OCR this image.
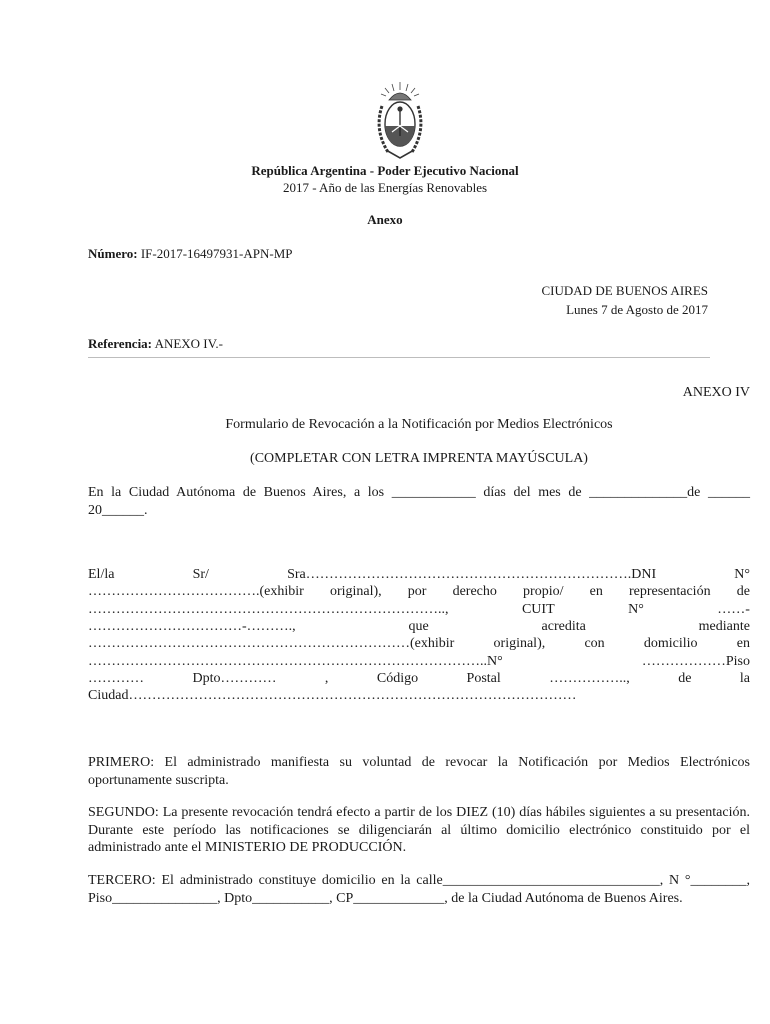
República Argentina - Poder Ejecutivo Nacional
2017 - Año de las Energías Renovables
Anexo
Número: IF-2017-16497931-APN-MP
CIUDAD DE BUENOS AIRES
Lunes 7 de Agosto de 2017
Referencia: ANEXO IV.-
ANEXO IV
Formulario de Revocación a la Notificación por Medios Electrónicos
(COMPLETAR CON LETRA IMPRENTA MAYÚSCULA)

En la Ciudad Autónoma de Buenos Aires, a los ____________ días del mes de ______________de ______ 20______.

El/la	Sr/	Sra…………………………………………………………….DNI	N°
……………………………….(exhibir original), por derecho propio/ en representación de
…………………………………………………………………..,	CUIT	N°	……-
……………………………-……….,	que	acredita	mediante
……………………………………………………………(exhibir	original),	con	domicilio	en
…………………………………………………………………………..N°	………………Piso
…………	Dpto…………	,	Código	Postal	……………..,	de	la
Ciudad……………………………………………………………………………………

PRIMERO: El administrado manifiesta su voluntad de revocar la Notificación por Medios Electrónicos oportunamente suscripta.

SEGUNDO: La presente revocación tendrá efecto a partir de los DIEZ (10) días hábiles siguientes a su presentación. Durante este período las notificaciones se diligenciarán al último domicilio electrónico constituido por el administrado ante el MINISTERIO DE PRODUCCIÓN.

TERCERO: El administrado constituye domicilio en la calle_______________________________, N °________, Piso_______________, Dpto___________, CP_____________, de la Ciudad Autónoma de Buenos Aires.
